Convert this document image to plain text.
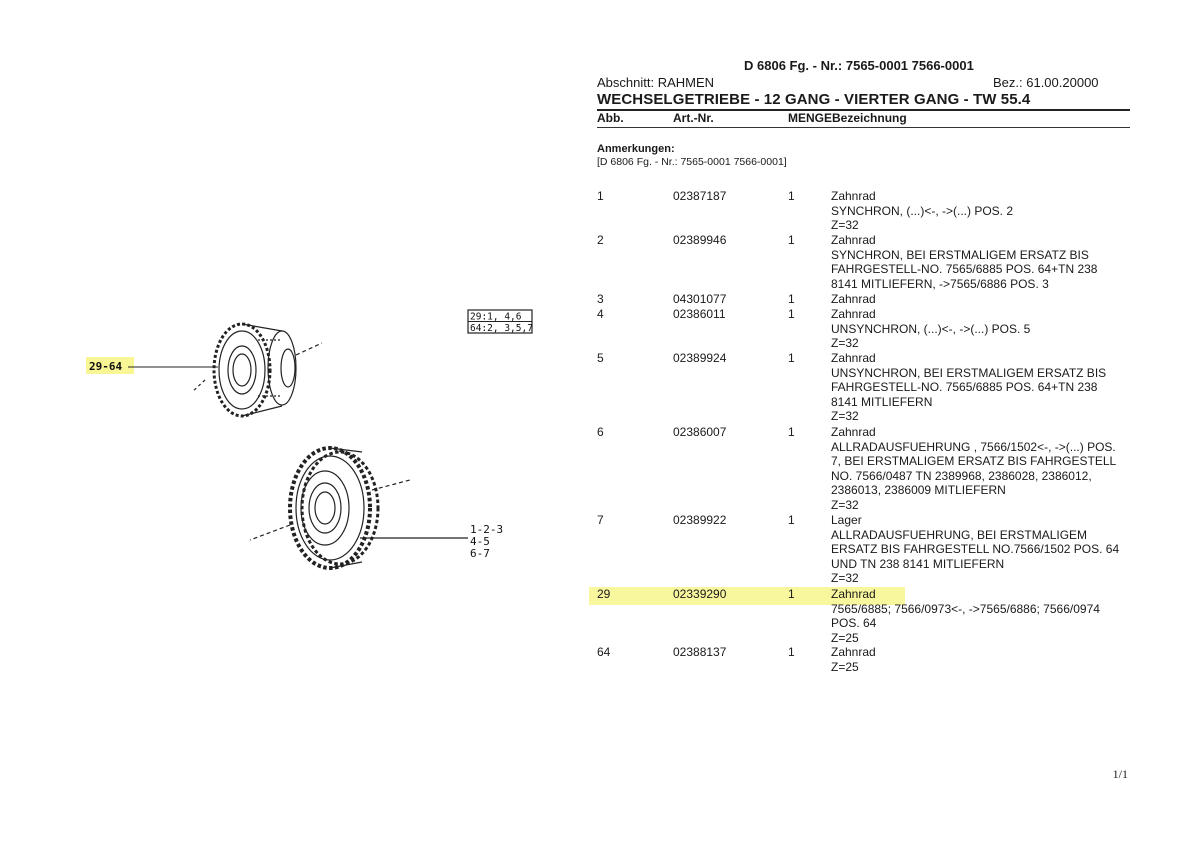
29:1, 4,6
64:2, 3,5,7
29-64
1-2-3
4-5
6-7
D 6806 Fg. - Nr.: 7565-0001 7566-0001
Abschnitt: RAHMEN	Bez.: 61.00.20000
WECHSELGETRIEBE - 12 GANG - VIERTER GANG - TW 55.4
Abb.	Art.-Nr.	MENGEBezeichnung
Anmerkungen:
[D 6806 Fg. - Nr.: 7565-0001 7566-0001]
1	02387187	1	Zahnrad
SYNCHRON, (...)<-, ->(...) POS. 2
Z=32
2	02389946	1	Zahnrad
SYNCHRON, BEI ERSTMALIGEM ERSATZ BIS
FAHRGESTELL-NO. 7565/6885 POS. 64+TN 238
8141 MITLIEFERN, ->7565/6886 POS. 3
3	04301077	1	Zahnrad
4	02386011	1	Zahnrad
UNSYNCHRON, (...)<-, ->(...) POS. 5
Z=32
5	02389924	1	Zahnrad
UNSYNCHRON, BEI ERSTMALIGEM ERSATZ BIS
FAHRGESTELL-NO. 7565/6885 POS. 64+TN 238
8141 MITLIEFERN
Z=32
6	02386007	1	Zahnrad
ALLRADAUSFUEHRUNG , 7566/1502<-, ->(...) POS.
7, BEI ERSTMALIGEM ERSATZ BIS FAHRGESTELL
NO. 7566/0487 TN 2389968, 2386028, 2386012,
2386013, 2386009 MITLIEFERN
Z=32
7	02389922	1	Lager
ALLRADAUSFUEHRUNG, BEI ERSTMALIGEM
ERSATZ BIS FAHRGESTELL NO.7566/1502 POS. 64
UND TN 238 8141 MITLIEFERN
Z=32
29	02339290	1	Zahnrad
7565/6885; 7566/0973<-, ->7565/6886; 7566/0974
POS. 64
Z=25
64	02388137	1	Zahnrad
Z=25
1/1
